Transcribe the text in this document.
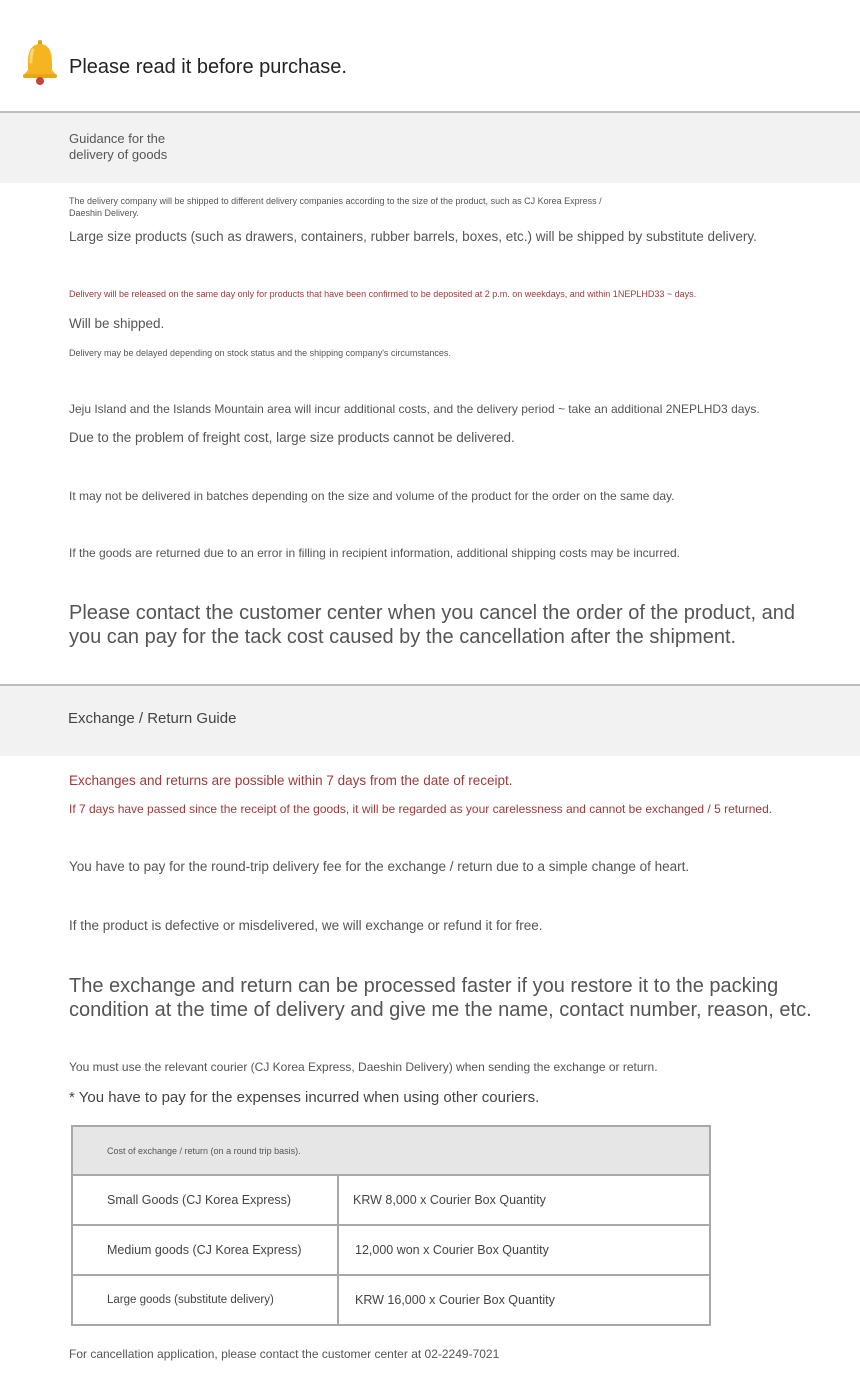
Please read it before purchase.
Guidance for the
delivery of goods
The delivery company will be shipped to different delivery companies according to the size of the product, such as CJ Korea Express /
Daeshin Delivery.
Large size products (such as drawers, containers, rubber barrels, boxes, etc.) will be shipped by substitute delivery.
Delivery will be released on the same day only for products that have been confirmed to be deposited at 2 p.m. on weekdays, and within 1NEPLHD33 ~ days.
Will be shipped.
Delivery may be delayed depending on stock status and the shipping company's circumstances.
Jeju Island and the Islands Mountain area will incur additional costs, and the delivery period ~ take an additional 2NEPLHD3 days.
Due to the problem of freight cost, large size products cannot be delivered.
It may not be delivered in batches depending on the size and volume of the product for the order on the same day.
If the goods are returned due to an error in filling in recipient information, additional shipping costs may be incurred.
Please contact the customer center when you cancel the order of the product, and
you can pay for the tack cost caused by the cancellation after the shipment.
Exchange / Return Guide
Exchanges and returns are possible within 7 days from the date of receipt.
If 7 days have passed since the receipt of the goods, it will be regarded as your carelessness and cannot be exchanged / 5 returned.
You have to pay for the round-trip delivery fee for the exchange / return due to a simple change of heart.
If the product is defective or misdelivered, we will exchange or refund it for free.
The exchange and return can be processed faster if you restore it to the packing
condition at the time of delivery and give me the name, contact number, reason, etc.
You must use the relevant courier (CJ Korea Express, Daeshin Delivery) when sending the exchange or return.
* You have to pay for the expenses incurred when using other couriers.
Cost of exchange / return (on a round trip basis).	
Small Goods (CJ Korea Express)	KRW 8,000 x Courier Box Quantity
Medium goods (CJ Korea Express)	12,000 won x Courier Box Quantity
Large goods (substitute delivery)	KRW 16,000 x Courier Box Quantity
For cancellation application, please contact the customer center at 02-2249-7021
